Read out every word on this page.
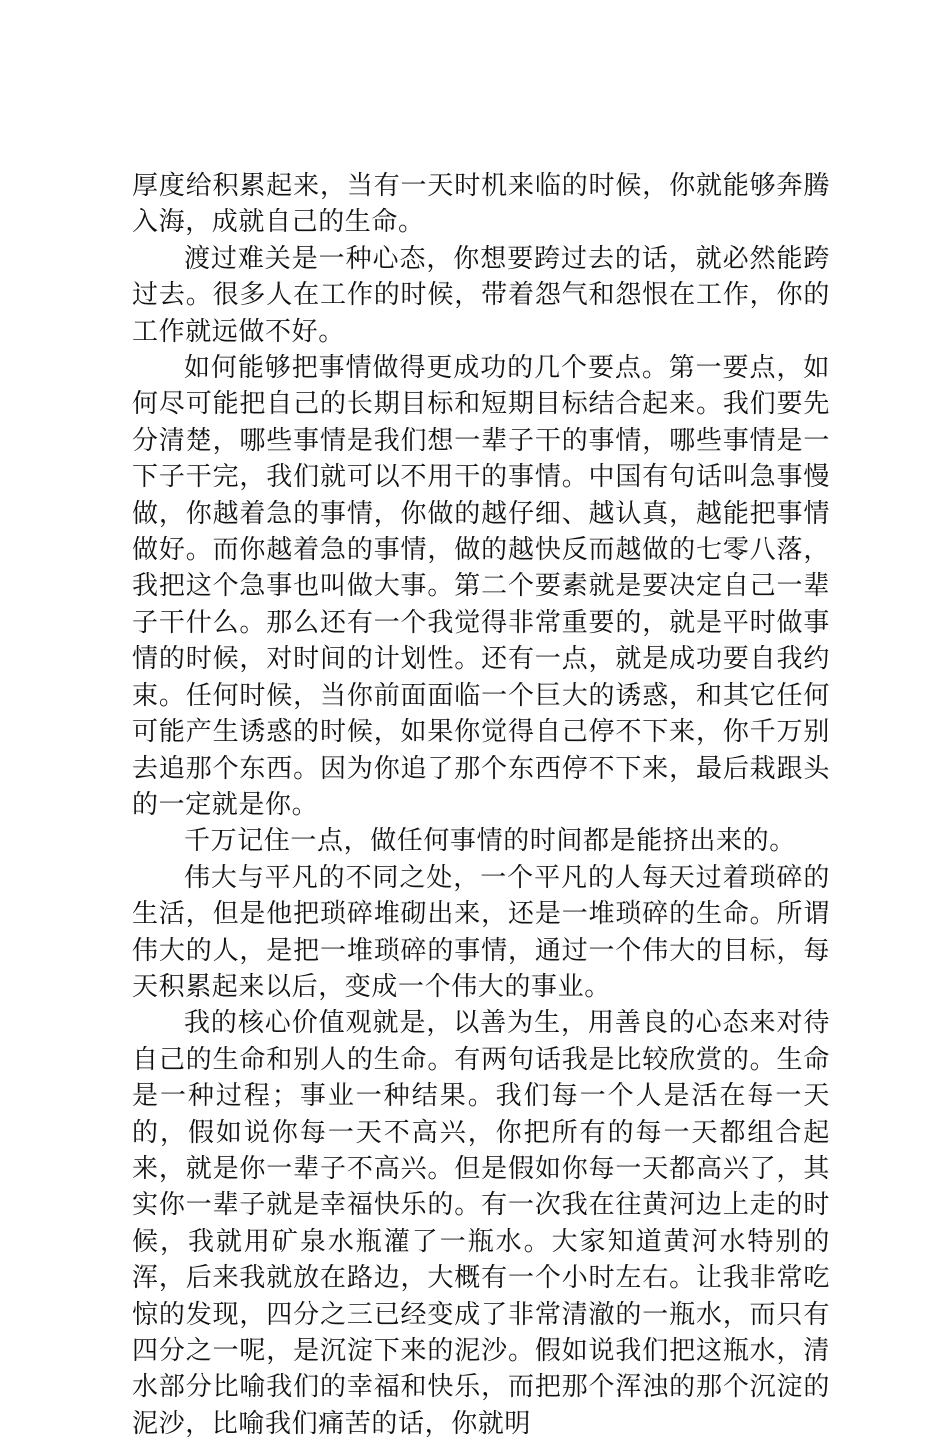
厚度给积累起来，当有一天时机来临的时候，你就能够奔腾入海，成就自己的生命。

渡过难关是一种心态，你想要跨过去的话，就必然能跨过去。很多人在工作的时候，带着怨气和怨恨在工作，你的工作就远做不好。

如何能够把事情做得更成功的几个要点。第一要点，如何尽可能把自己的长期目标和短期目标结合起来。我们要先分清楚，哪些事情是我们想一辈子干的事情，哪些事情是一下子干完，我们就可以不用干的事情。中国有句话叫急事慢做，你越着急的事情，你做的越仔细、越认真，越能把事情做好。而你越着急的事情，做的越快反而越做的七零八落，我把这个急事也叫做大事。第二个要素就是要决定自己一辈子干什么。那么还有一个我觉得非常重要的，就是平时做事情的时候，对时间的计划性。还有一点，就是成功要自我约束。任何时候，当你前面面临一个巨大的诱惑，和其它任何可能产生诱惑的时候，如果你觉得自己停不下来，你千万别去追那个东西。因为你追了那个东西停不下来，最后栽跟头的一定就是你。

千万记住一点，做任何事情的时间都是能挤出来的。

伟大与平凡的不同之处，一个平凡的人每天过着琐碎的生活，但是他把琐碎堆砌出来，还是一堆琐碎的生命。所谓伟大的人，是把一堆琐碎的事情，通过一个伟大的目标，每天积累起来以后，变成一个伟大的事业。

我的核心价值观就是，以善为生，用善良的心态来对待自己的生命和别人的生命。有两句话我是比较欣赏的。生命是一种过程；事业一种结果。我们每一个人是活在每一天的，假如说你每一天不高兴，你把所有的每一天都组合起来，就是你一辈子不高兴。但是假如你每一天都高兴了，其实你一辈子就是幸福快乐的。有一次我在往黄河边上走的时候，我就用矿泉水瓶灌了一瓶水。大家知道黄河水特别的浑，后来我就放在路边，大概有一个小时左右。让我非常吃惊的发现，四分之三已经变成了非常清澈的一瓶水，而只有四分之一呢，是沉淀下来的泥沙。假如说我们把这瓶水，清水部分比喻我们的幸福和快乐，而把那个浑浊的那个沉淀的泥沙，比喻我们痛苦的话，你就明
